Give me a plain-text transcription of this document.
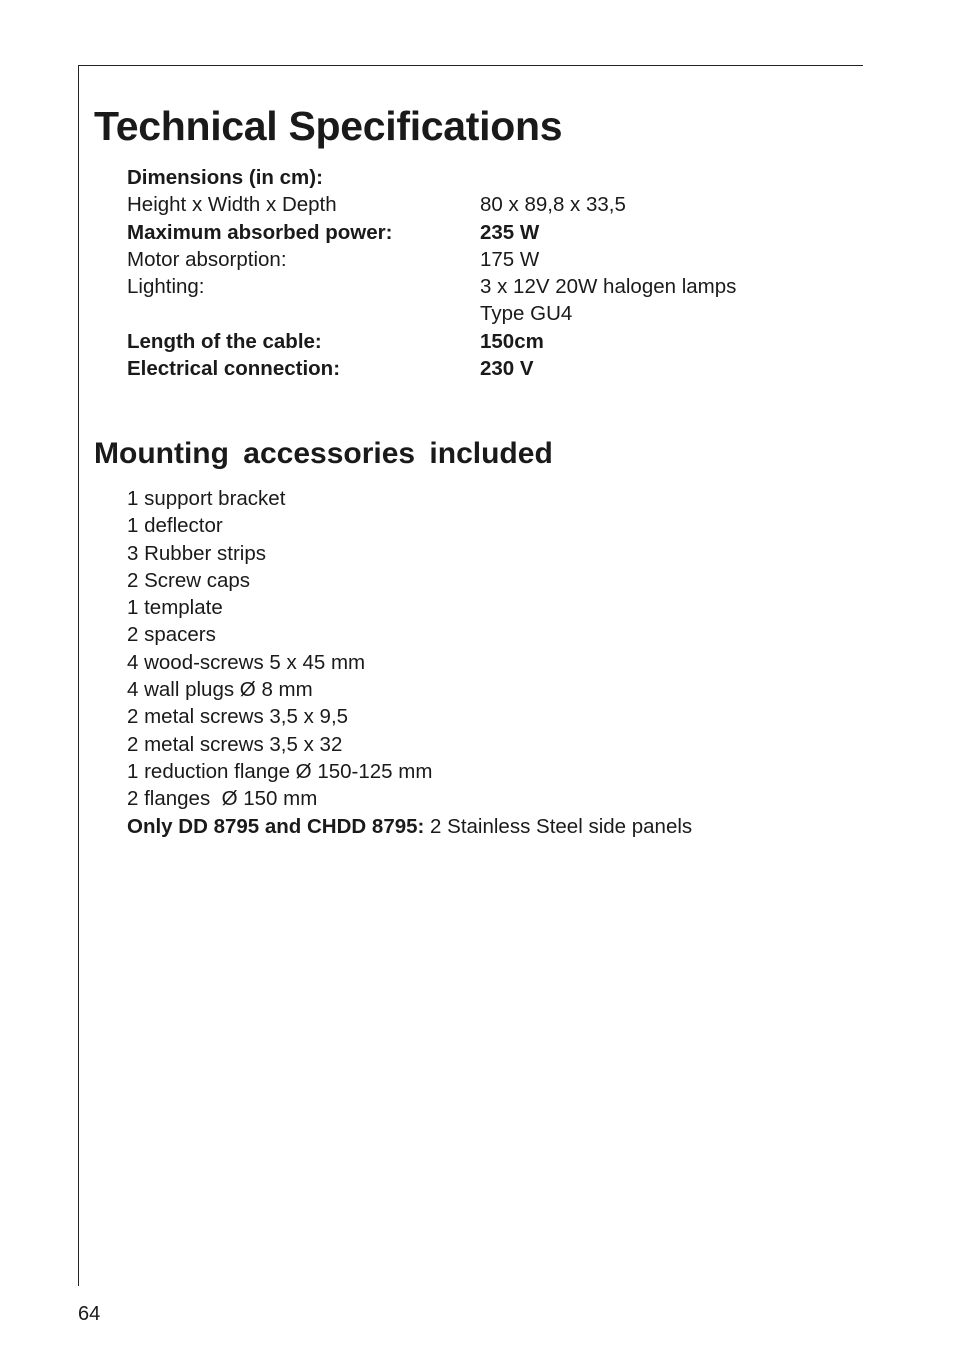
Technical Specifications
Dimensions (in cm):
Height x Width x Depth	80 x 89,8 x 33,5
Maximum absorbed power:	235 W
Motor absorption:	175 W
Lighting:	3 x 12V 20W halogen lamps
Type GU4
Length of the cable:	150cm
Electrical connection:	230 V
Mounting accessories included
1 support bracket
1 deflector
3 Rubber strips
2 Screw caps
1 template
2 spacers
4 wood-screws 5 x 45 mm
4 wall plugs Ø 8 mm
2 metal screws 3,5 x 9,5
2 metal screws 3,5 x 32
1 reduction flange Ø 150-125 mm
2 flanges  Ø 150 mm
Only DD 8795 and CHDD 8795: 2 Stainless Steel side panels
64
